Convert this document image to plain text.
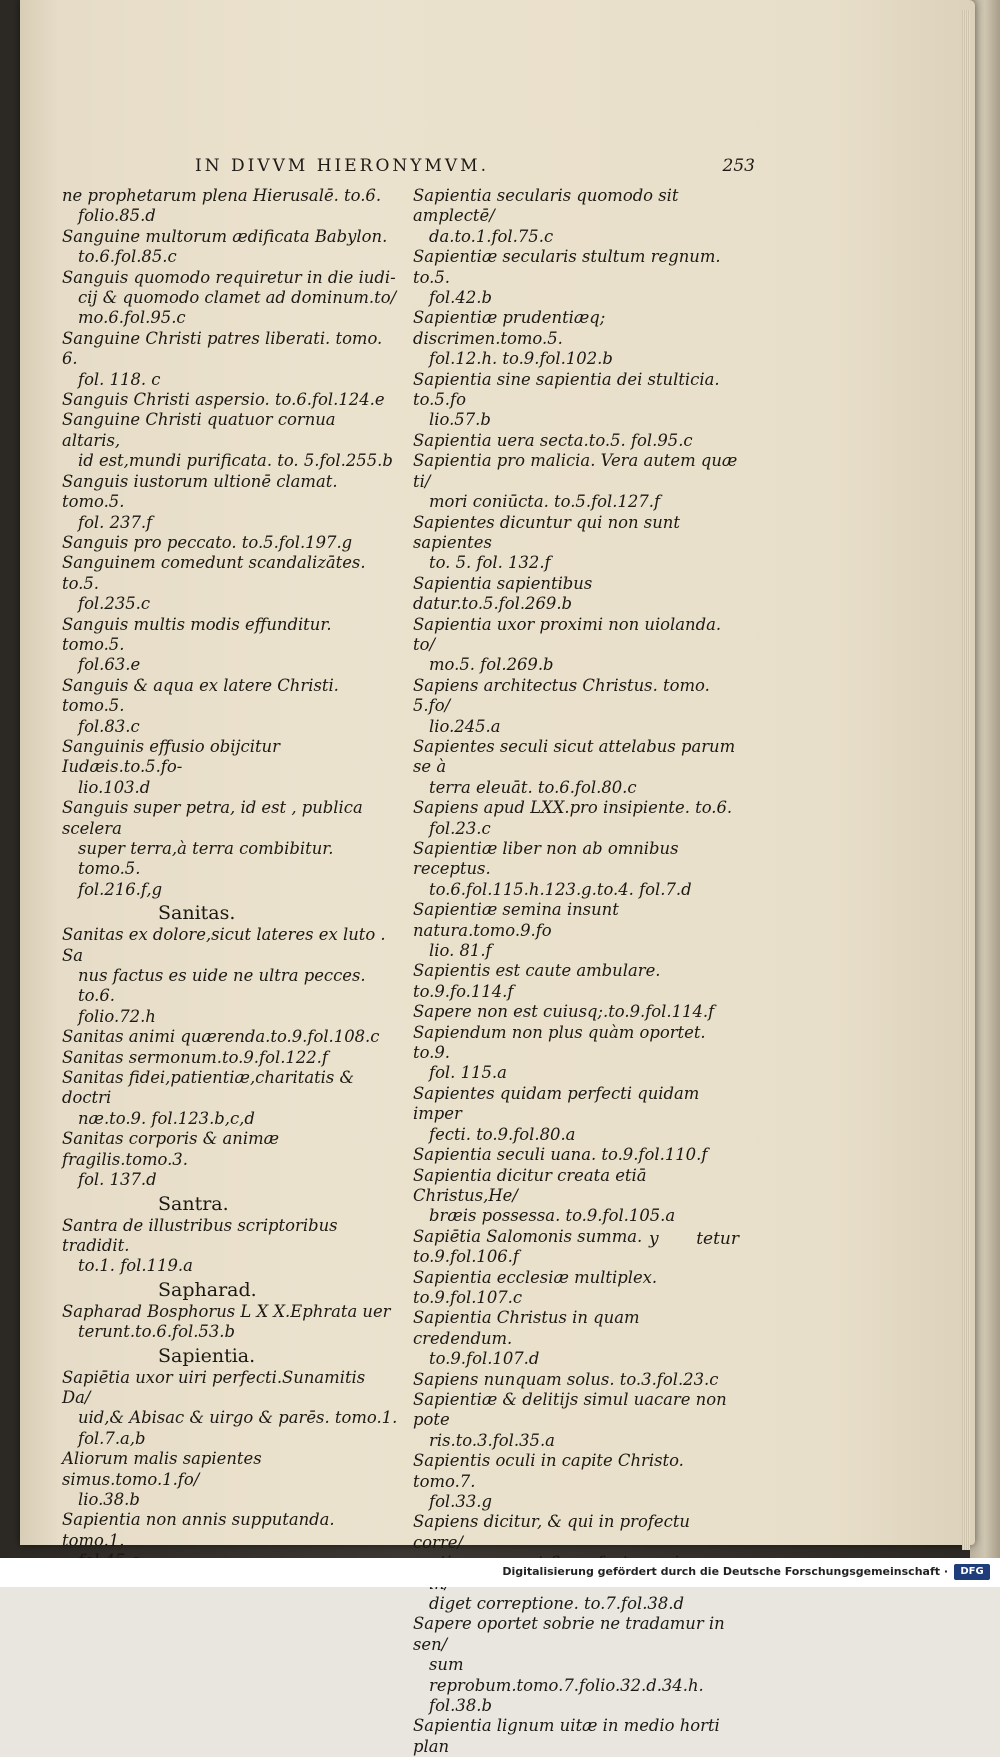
IN DIVVM HIERONYMVM.	253

ne prophetarum plena Hierusalē. to.6.

folio.85.d

Sanguine multorum ædificata Babylon.

to.6.fol.85.c

Sanguis quomodo requiretur in die iudi-

cij & quomodo clamet ad dominum.to/

mo.6.fol.95.c

Sanguine Christi patres liberati. tomo. 6.

fol. 118. c

Sanguis Christi aspersio. to.6.fol.124.e

Sanguine Christi quatuor cornua altaris,

id est,mundi purificata. to. 5.fol.255.b

Sanguis iustorum ultionē clamat. tomo.5.

fol. 237.f

Sanguis pro peccato. to.5.fol.197.g

Sanguinem comedunt scandalizātes. to.5.

fol.235.c

Sanguis multis modis effunditur. tomo.5.

fol.63.e

Sanguis & aqua ex latere Christi. tomo.5.

fol.83.c

Sanguinis effusio obijcitur Iudæis.to.5.fo-

lio.103.d

Sanguis super petra, id est , publica scelera

super terra,à terra combibitur. tomo.5.

fol.216.f,g

Sanitas.

Sanitas ex dolore,sicut lateres ex luto . Sa

nus factus es uide ne ultra pecces. to.6.

folio.72.h

Sanitas animi quærenda.to.9.fol.108.c

Sanitas sermonum.to.9.fol.122.f

Sanitas fidei,patientiæ,charitatis & doctri

næ.to.9. fol.123.b,c,d

Sanitas corporis & animæ fragilis.tomo.3.

fol. 137.d

Santra.

Santra de illustribus scriptoribus tradidit.

to.1. fol.119.a

Sapharad.

Sapharad Bosphorus L X X.Ephrata uer

terunt.to.6.fol.53.b

Sapientia.

Sapiētia uxor uiri perfecti.Sunamitis Da/

uid,& Abisac & uirgo & parēs. tomo.1.

fol.7.a,b

Aliorum malis sapientes simus.tomo.1.fo/

lio.38.b

Sapientia non annis supputanda. tomo.1.

Sapientia secularis quomodo sit amplectē/

da.to.1.fol.75.c

Sapientiæ secularis stultum regnum. to.5.

fol.42.b

Sapientiæ prudentiæq; discrimen.tomo.5.

fol.12.h. to.9.fol.102.b

Sapientia sine sapientia dei stulticia. to.5.fo

lio.57.b

Sapientia uera secta.to.5. fol.95.c

Sapientia pro malicia. Vera autem quæ ti/

mori coniūcta. to.5.fol.127.f

Sapientes dicuntur qui non sunt sapientes

to. 5. fol. 132.f

Sapientia sapientibus datur.to.5.fol.269.b

Sapientia uxor proximi non uiolanda. to/

mo.5. fol.269.b

Sapiens architectus Christus. tomo. 5.fo/

lio.245.a

Sapientes seculi sicut attelabus parum se à

terra eleuāt. to.6.fol.80.c

Sapiens apud LXX.pro insipiente. to.6.

fol.23.c

Sapientiæ liber non ab omnibus receptus.

to.6.fol.115.h.123.g.to.4. fol.7.d

Sapientiæ semina insunt natura.tomo.9.fo

lio. 81.f

Sapientis est caute ambulare. to.9.fo.114.f

Sapere non est cuiusq;.to.9.fol.114.f

Sapiendum non plus quàm oportet. to.9.

fol. 115.a

Sapientes quidam perfecti quidam imper

fecti. to.9.fol.80.a

Sapientia seculi uana. to.9.fol.110.f

Sapientia dicitur creata etiā Christus,He/

bræis possessa. to.9.fol.105.a

Sapiētia Salomonis summa. to.9.fol.106.f

Sapientia ecclesiæ multiplex. to.9.fol.107.c

Sapientia Christus in quam credendum.

to.9.fol.107.d

Sapiens nunquam solus. to.3.fol.23.c

Sapientiæ & delitijs simul uacare non pote

ris.to.3.fol.35.a

Sapientis oculi in capite Christo. tomo.7.

fol.33.g

Sapiens dicitur, & qui in profectu corre/

diget correptione. to.7.fol.38.d

Sapere oportet sobrie ne tradamur in sen/

sum reprobum.tomo.7.folio.32.d.34.h.

fol.38.b

Sapientia lignum uitæ in medio horti plan

y tetur
Digitalisierung gefördert durch die Deutsche Forschungsgemeinschaft ·	DFG
